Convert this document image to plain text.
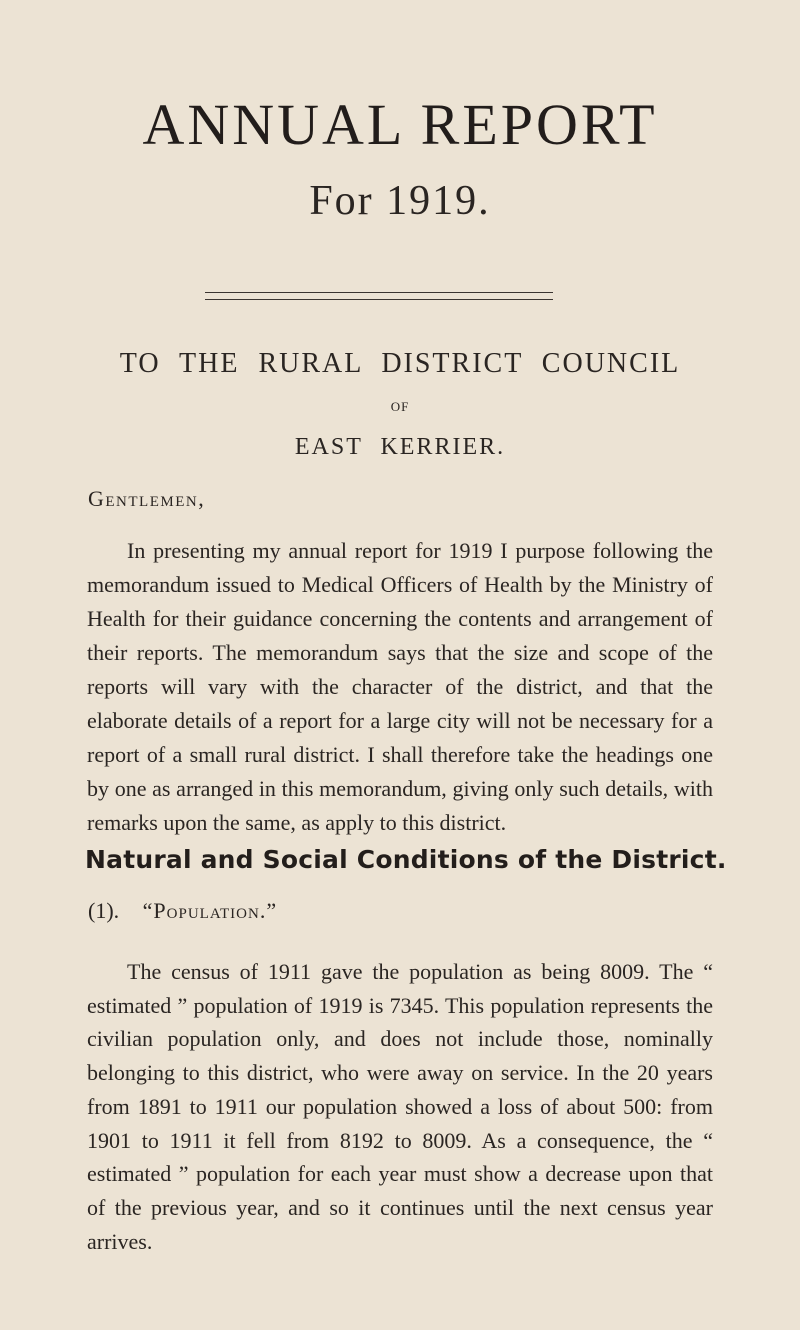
ANNUAL REPORT
For 1919.
TO THE RURAL DISTRICT COUNCIL
OF
EAST KERRIER.
Gentlemen,

In presenting my annual report for 1919 I purpose following the memorandum issued to Medical Officers of Health by the Ministry of Health for their guidance concerning the contents and arrangement of their reports. The memorandum says that the size and scope of the reports will vary with the character of the district, and that the elaborate details of a report for a large city will not be necessary for a report of a small rural district. I shall therefore take the headings one by one as arranged in this memorandum, giving only such details, with remarks upon the same, as apply to this district.

Natural and Social Conditions of the District.
(1). “Population.”

The census of 1911 gave the population as being 8009. The “ estimated ” population of 1919 is 7345. This population represents the civilian population only, and does not include those, nominally belonging to this district, who were away on service. In the 20 years from 1891 to 1911 our population showed a loss of about 500: from 1901 to 1911 it fell from 8192 to 8009. As a consequence, the “ estimated ” population for each year must show a decrease upon that of the previous year, and so it continues until the next census year arrives.
